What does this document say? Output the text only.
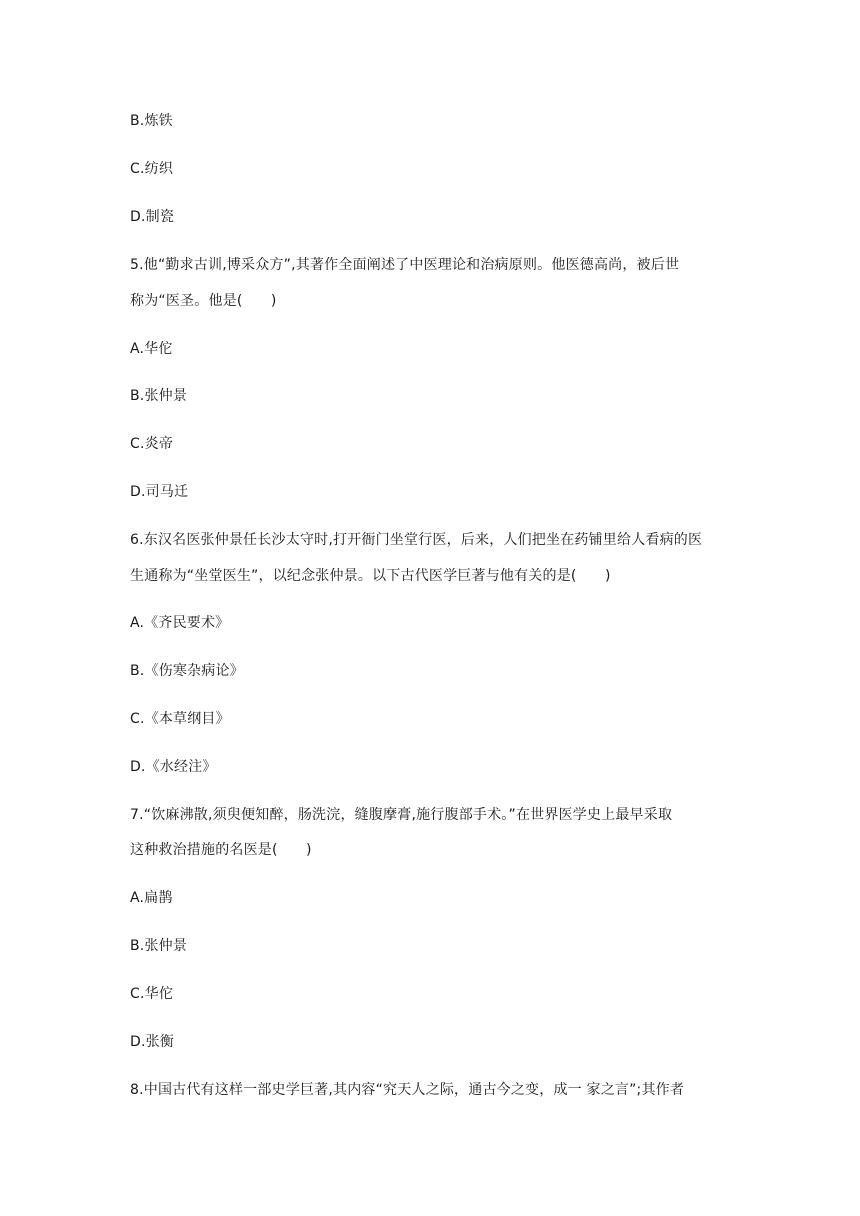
B.炼铁
C.纺织
D.制瓷
5.他“勤求古训,博采众方”,其著作全面阐述了中医理论和治病原则。他医德高尚，被后世
称为“医圣。他是(　　)
A.华佗
B.张仲景
C.炎帝
D.司马迁
6.东汉名医张仲景任长沙太守时,打开衙门坐堂行医，后来，人们把坐在药铺里给人看病的医
生通称为“坐堂医生”，以纪念张仲景。以下古代医学巨著与他有关的是(　　)
A.《齐民要术》
B.《伤寒杂病论》
C.《本草纲目》
D.《水经注》
7.“饮麻沸散,须臾便知醉，肠洗浣，缝腹摩膏,施行腹部手术。”在世界医学史上最早采取
这种救治措施的名医是(　　)
A.扁鹊
B.张仲景
C.华佗
D.张衡
8.中国古代有这样一部史学巨著,其内容“究天人之际，通古今之变，成一 家之言”;其作者
